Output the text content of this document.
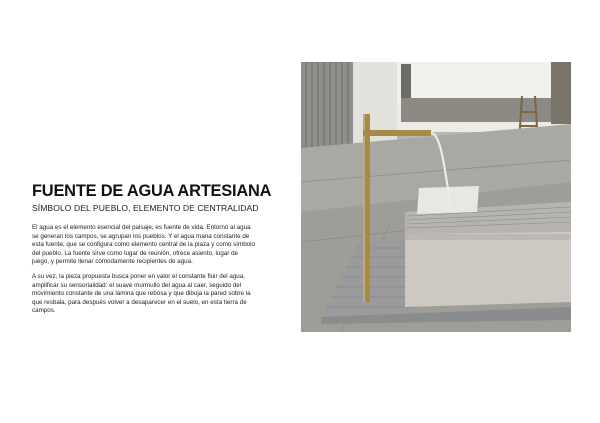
FUENTE DE AGUA ARTESIANA
SÍMBOLO DEL PUEBLO, ELEMENTO DE CENTRALIDAD

El agua es el elemento esencial del paisaje, es fuente de vida. Entorno al agua se generan los campos, se agrupan los pueblos. Y el agua mana constante de esta fuente, que se configura como elemento central de la plaza y como símbolo del pueblo. La fuente sirve como lugar de reunión, ofrece asiento, lugar de juego, y permite llenar cómodamente recipientes de agua.

A su vez, la pieza propuesta busca poner en valor el constante fluir del agua, amplificar su sensorialidad: el suave murmullo del agua al caer, seguido del movimiento constante de una lámina que rebosa y que dibuja la pared sobre la que resbala, para después volver a desaparecer en el suelo, en esta tierra de campos.
